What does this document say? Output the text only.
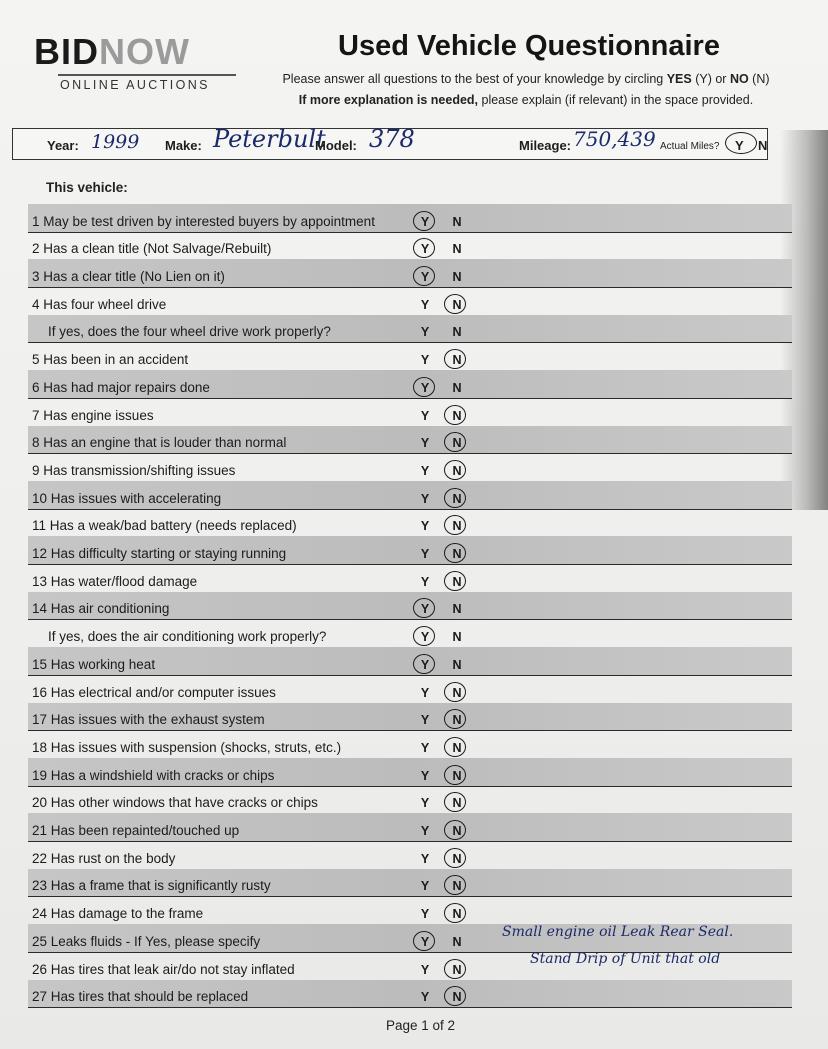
BIDNOW
ONLINE AUCTIONS
Used Vehicle Questionnaire
Please answer all questions to the best of your knowledge by circling YES (Y) or NO (N)
If more explanation is needed, please explain (if relevant) in the space provided.
Year: 1999 Make: Peterbult
Model: 378	Mileage: 750,439 Actual Miles? Y N
This vehicle:
1 May be test driven by interested buyers by appointment	Y N
2 Has a clean title (Not Salvage/Rebuilt)	Y N
3 Has a clear title (No Lien on it)	Y N
4 Has four wheel drive	Y N
If yes, does the four wheel drive work properly?	Y N
5 Has been in an accident	Y N
6 Has had major repairs done	Y N
7 Has engine issues	Y N
8 Has an engine that is louder than normal	Y N
9 Has transmission/shifting issues	Y N
10 Has issues with accelerating	Y N
11 Has a weak/bad battery (needs replaced)	Y N
12 Has difficulty starting or staying running	Y N
13 Has water/flood damage	Y N
14 Has air conditioning	Y N
If yes, does the air conditioning work properly?	Y N
15 Has working heat	Y N
16 Has electrical and/or computer issues	Y N
17 Has issues with the exhaust system	Y N
18 Has issues with suspension (shocks, struts, etc.)	Y N
19 Has a windshield with cracks or chips	Y N
20 Has other windows that have cracks or chips	Y N
21 Has been repainted/touched up	Y N
22 Has rust on the body	Y N
23 Has a frame that is significantly rusty	Y N
24 Has damage to the frame	Y N
25 Leaks fluids - If Yes, please specify	Y N
26 Has tires that leak air/do not stay inflated	Y N
27 Has tires that should be replaced	Y N
Small engine oil Leak Rear Seal.
Stand Drip of Unit that old
Page 1 of 2
